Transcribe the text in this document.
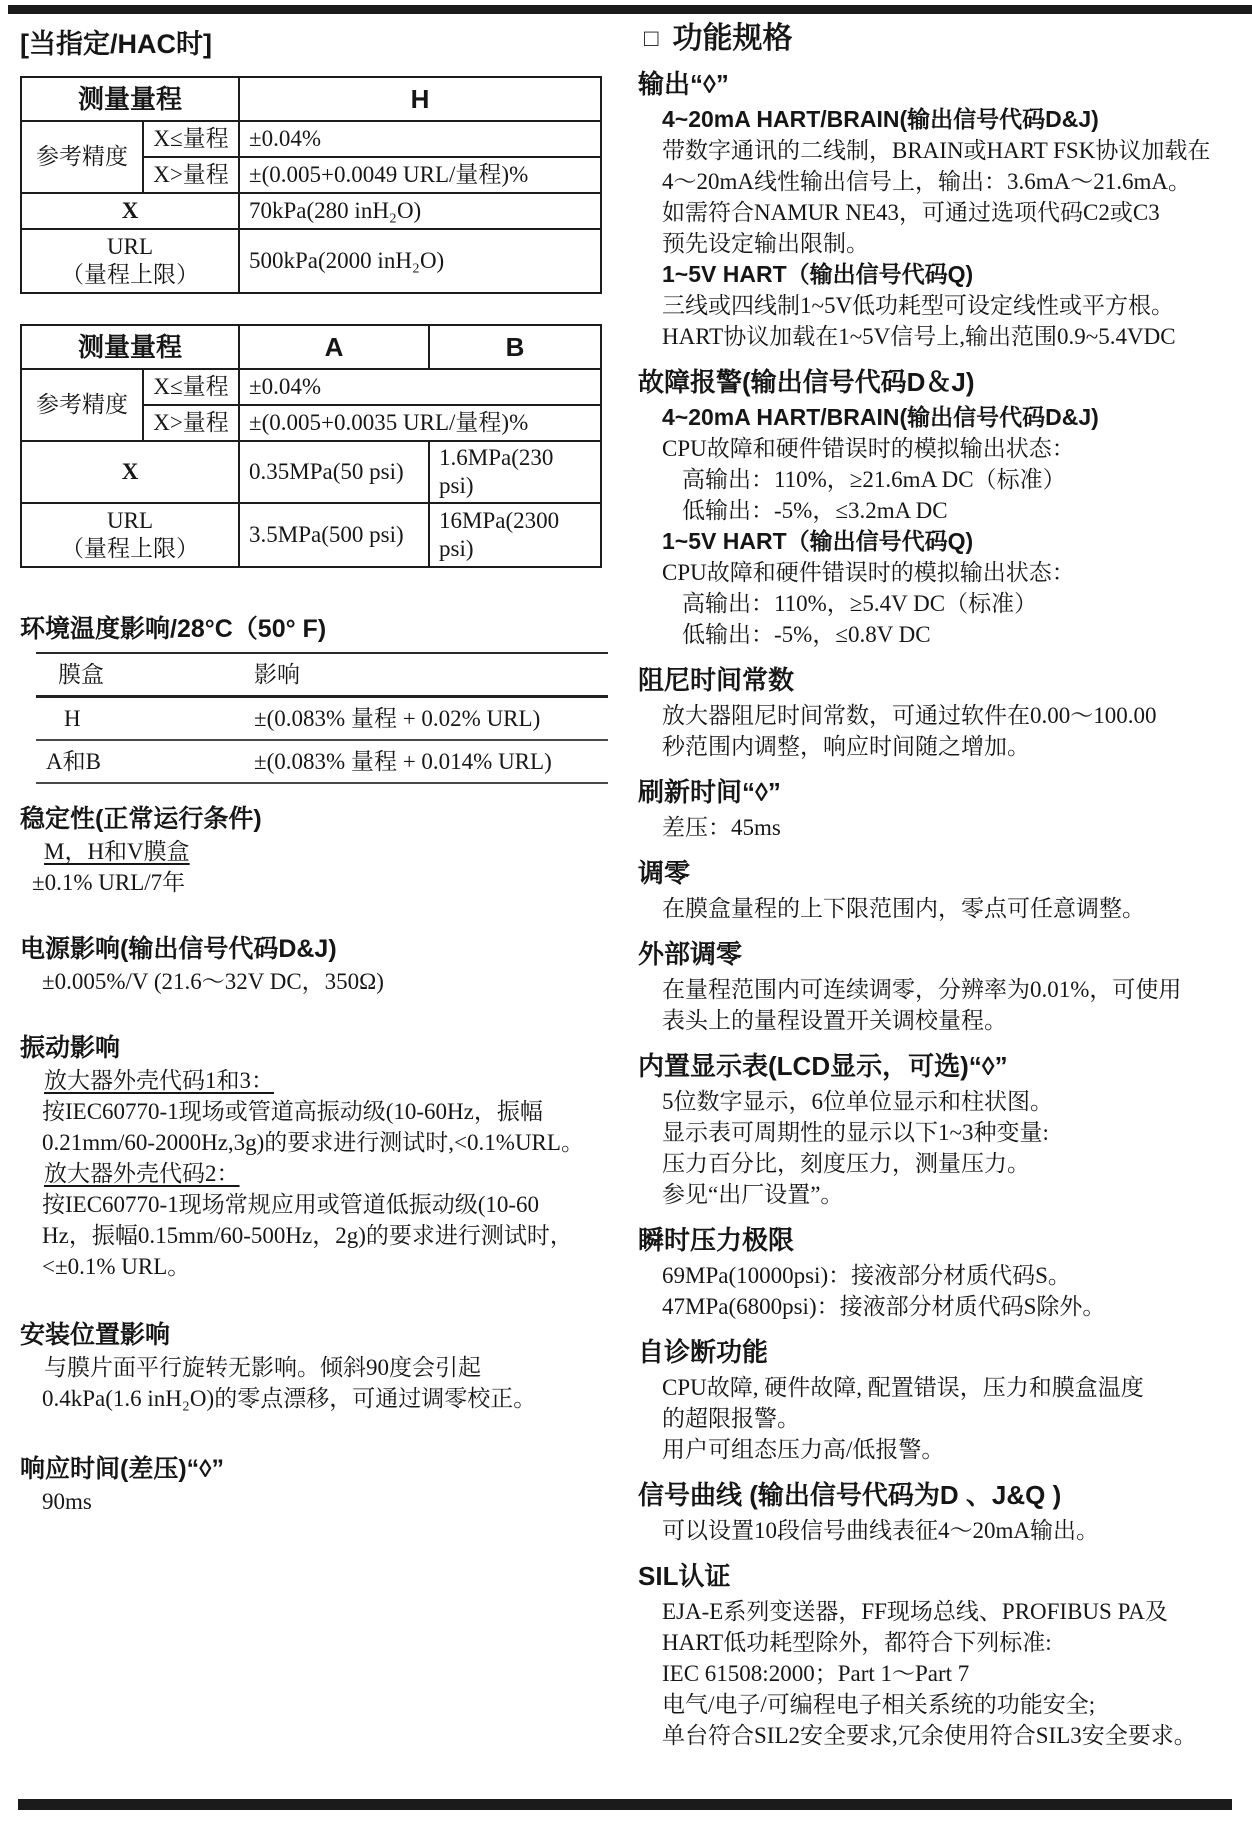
[当指定/HAC时]
测量量程		H
参考精度	X≤量程	±0.04%
	X>量程	±(0.005+0.0049 URL/量程)%
X		70kPa(280 inH₂O)

URL
（量程上限）		500kPa(2000 inH₂O)
测量量程		A	B
参考精度	X≤量程	±0.04%	
	X>量程	±(0.005+0.0035 URL/量程)%	
X		0.35MPa(50 psi)	1.6MPa(230 psi)

URL
（量程上限）		3.5MPa(500 psi)	16MPa(2300 psi)
环境温度影响/28°C（50° F)
膜盒	影响
H	±(0.083% 量程 + 0.02% URL)
A和B	±(0.083% 量程 + 0.014% URL)
稳定性(正常运行条件)
M，H和V膜盒
±0.1% URL/7年
电源影响(输出信号代码D&J)
±0.005%/V (21.6～32V DC，350Ω)
振动影响
放大器外壳代码1和3：
按IEC60770-1现场或管道高振动级(10-60Hz，振幅
0.21mm/60-2000Hz,3g)的要求进行测试时,<0.1%URL。
放大器外壳代码2：
按IEC60770-1现场常规应用或管道低振动级(10-60
Hz，振幅0.15mm/60-500Hz，2g)的要求进行测试时，
<±0.1% URL。
安装位置影响
与膜片面平行旋转无影响。倾斜90度会引起
0.4kPa(1.6 inH₂O)的零点漂移，可通过调零校正。
响应时间(差压)“◊”
90ms
□ 功能规格
输出“◊”
4~20mA HART/BRAIN(输出信号代码D&J)
带数字通讯的二线制，BRAIN或HART FSK协议加载在
4～20mA线性输出信号上，输出：3.6mA～21.6mA。
如需符合NAMUR NE43，可通过选项代码C2或C3
预先设定输出限制。
1~5V HART（输出信号代码Q)
三线或四线制1~5V低功耗型可设定线性或平方根。
HART协议加载在1~5V信号上,输出范围0.9~5.4VDC
故障报警(输出信号代码D＆J)
4~20mA HART/BRAIN(输出信号代码D&J)
CPU故障和硬件错误时的模拟输出状态：
高输出：110%，≥21.6mA DC（标准）
低输出：-5%，≤3.2mA DC
1~5V HART（输出信号代码Q)
CPU故障和硬件错误时的模拟输出状态：
高输出：110%，≥5.4V DC（标准）
低输出：-5%，≤0.8V DC
阻尼时间常数
放大器阻尼时间常数，可通过软件在0.00～100.00
秒范围内调整，响应时间随之增加。
刷新时间“◊”
差压：45ms
调零
在膜盒量程的上下限范围内，零点可任意调整。
外部调零
在量程范围内可连续调零，分辨率为0.01%，可使用
表头上的量程设置开关调校量程。
内置显示表(LCD显示，可选)“◊”
5位数字显示，6位单位显示和柱状图。
显示表可周期性的显示以下1~3种变量:
压力百分比，刻度压力，测量压力。
参见“出厂设置”。
瞬时压力极限
69MPa(10000psi)：接液部分材质代码S。
47MPa(6800psi)：接液部分材质代码S除外。
自诊断功能
CPU故障, 硬件故障, 配置错误，压力和膜盒温度
的超限报警。
用户可组态压力高/低报警。
信号曲线 (输出信号代码为D 、J&Q )
可以设置10段信号曲线表征4～20mA输出。
SIL认证
EJA-E系列变送器，FF现场总线、PROFIBUS PA及
HART低功耗型除外，都符合下列标准:
IEC 61508:2000；Part 1～Part 7
电气/电子/可编程电子相关系统的功能安全;
单台符合SIL2安全要求,冗余使用符合SIL3安全要求。
